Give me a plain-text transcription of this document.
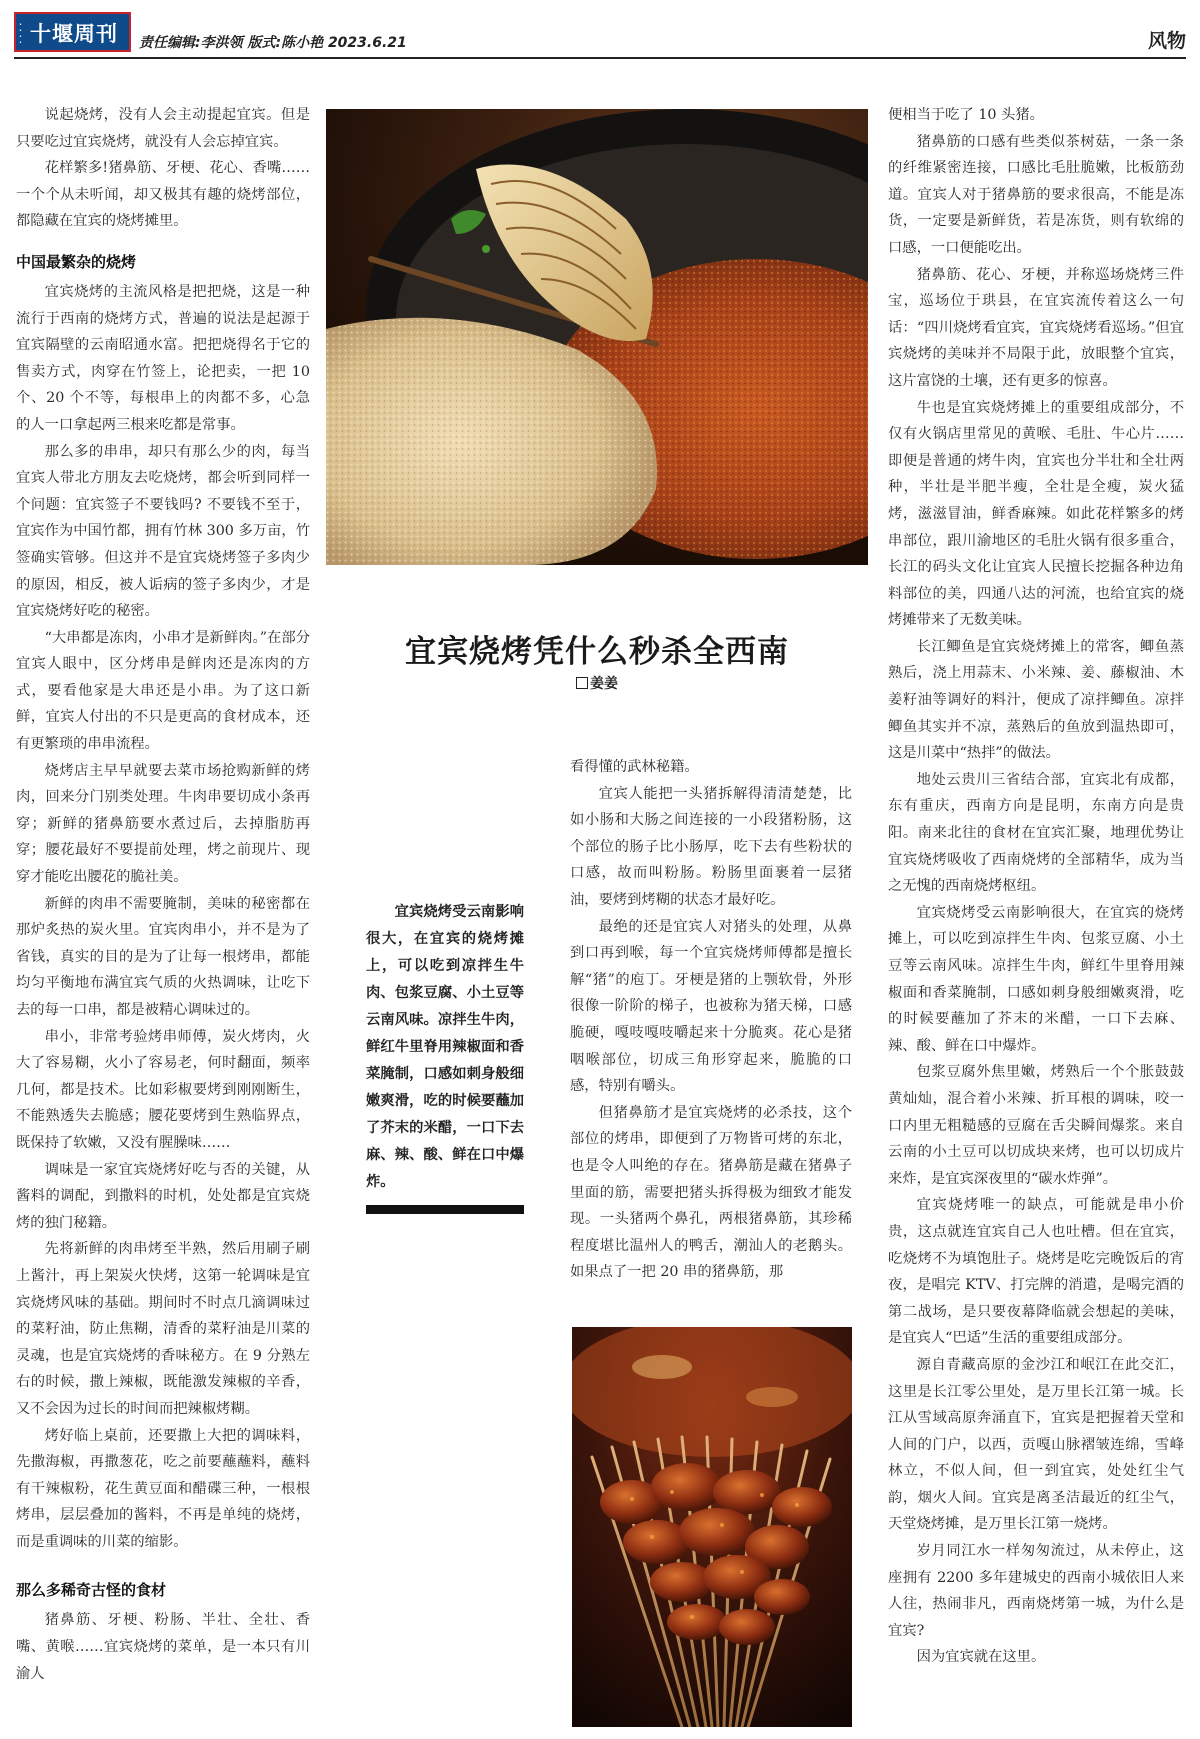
• • • • 十堰周刊 责任编辑:李洪领 版式:陈小艳 2023.6.21	风物

说起烧烤，没有人会主动提起宜宾。但是只要吃过宜宾烧烤，就没有人会忘掉宜宾。

花样繁多!猪鼻筋、牙梗、花心、香嘴……一个个从未听闻，却又极其有趣的烧烤部位，都隐藏在宜宾的烧烤摊里。

中国最繁杂的烧烤

宜宾烧烤的主流风格是把把烧，这是一种流行于西南的烧烤方式，普遍的说法是起源于宜宾隔壁的云南昭通水富。把把烧得名于它的售卖方式，肉穿在竹签上，论把卖，一把 10 个、20 个不等，每根串上的肉都不多，心急的人一口拿起两三根来吃都是常事。

那么多的串串，却只有那么少的肉，每当宜宾人带北方朋友去吃烧烤，都会听到同样一个问题：宜宾签子不要钱吗? 不要钱不至于，宜宾作为中国竹都，拥有竹林 300 多万亩，竹签确实管够。但这并不是宜宾烧烤签子多肉少的原因，相反，被人诟病的签子多肉少，才是宜宾烧烤好吃的秘密。

“大串都是冻肉，小串才是新鲜肉。”在部分宜宾人眼中，区分烤串是鲜肉还是冻肉的方式，要看他家是大串还是小串。为了这口新鲜，宜宾人付出的不只是更高的食材成本，还有更繁琐的串串流程。

烧烤店主早早就要去菜市场抢购新鲜的烤肉，回来分门别类处理。牛肉串要切成小条再穿；新鲜的猪鼻筋要水煮过后，去掉脂肪再穿；腰花最好不要提前处理，烤之前现片、现穿才能吃出腰花的脆社美。

新鲜的肉串不需要腌制，美味的秘密都在那炉炙热的炭火里。宜宾肉串小，并不是为了省钱，真实的目的是为了让每一根烤串，都能均匀平衡地布满宜宾气质的火热调味，让吃下去的每一口串，都是被精心调味过的。

串小，非常考验烤串师傅，炭火烤肉，火大了容易糊，火小了容易老，何时翻面，频率几何，都是技术。比如彩椒要烤到刚刚断生，不能熟透失去脆感；腰花要烤到生熟临界点，既保持了软嫩，又没有腥臊味……

调味是一家宜宾烧烤好吃与否的关键，从酱料的调配，到撒料的时机，处处都是宜宾烧烤的独门秘籍。

先将新鲜的肉串烤至半熟，然后用刷子刷上酱汁，再上架炭火快烤，这第一轮调味是宜宾烧烤风味的基础。期间时不时点几滴调味过的菜籽油，防止焦糊，清香的菜籽油是川菜的灵魂，也是宜宾烧烤的香味秘方。在 9 分熟左右的时候，撒上辣椒，既能激发辣椒的辛香，又不会因为过长的时间而把辣椒烤糊。

烤好临上桌前，还要撒上大把的调味料，先撒海椒，再撒葱花，吃之前要蘸蘸料，蘸料有干辣椒粉，花生黄豆面和醋碟三种，一根根烤串，层层叠加的酱料，不再是单纯的烧烤，而是重调味的川菜的缩影。

那么多稀奇古怪的食材

猪鼻筋、牙梗、粉肠、半壮、全壮、香嘴、黄喉……宜宾烧烤的菜单，是一本只有川渝人

宜宾烧烤凭什么秒杀全西南
姜姜

宜宾烧烤受云南影响很大，在宜宾的烧烤摊上，可以吃到凉拌生牛肉、包浆豆腐、小土豆等云南风味。凉拌生牛肉，鲜红牛里脊用辣椒面和香菜腌制，口感如刺身般细嫩爽滑，吃的时候要蘸加了芥末的米醋，一口下去麻、辣、酸、鲜在口中爆炸。

看得懂的武林秘籍。

宜宾人能把一头猪拆解得清清楚楚，比如小肠和大肠之间连接的一小段猪粉肠，这个部位的肠子比小肠厚，吃下去有些粉状的口感，故而叫粉肠。粉肠里面裹着一层猪油，要烤到烤糊的状态才最好吃。

最绝的还是宜宾人对猪头的处理，从鼻到口再到喉，每一个宜宾烧烤师傅都是擅长解“猪”的庖丁。牙梗是猪的上颚软骨，外形很像一阶阶的梯子，也被称为猪天梯，口感脆硬，嘎吱嘎吱嚼起来十分脆爽。花心是猪咽喉部位，切成三角形穿起来，脆脆的口感，特别有嚼头。

但猪鼻筋才是宜宾烧烤的必杀技，这个部位的烤串，即便到了万物皆可烤的东北，也是令人叫绝的存在。猪鼻筋是藏在猪鼻子里面的筋，需要把猪头拆得极为细致才能发现。一头猪两个鼻孔，两根猪鼻筋，其珍稀程度堪比温州人的鸭舌，潮汕人的老鹅头。如果点了一把 20 串的猪鼻筋，那

便相当于吃了 10 头猪。

猪鼻筋的口感有些类似茶树菇，一条一条的纤维紧密连接，口感比毛肚脆嫩，比板筋劲道。宜宾人对于猪鼻筋的要求很高，不能是冻货，一定要是新鲜货，若是冻货，则有软绵的口感，一口便能吃出。

猪鼻筋、花心、牙梗，并称巡场烧烤三件宝，巡场位于珙县，在宜宾流传着这么一句话：“四川烧烤看宜宾，宜宾烧烤看巡场。”但宜宾烧烤的美味并不局限于此，放眼整个宜宾，这片富饶的土壤，还有更多的惊喜。

牛也是宜宾烧烤摊上的重要组成部分，不仅有火锅店里常见的黄喉、毛肚、牛心片……即便是普通的烤牛肉，宜宾也分半壮和全壮两种，半壮是半肥半瘦，全壮是全瘦，炭火猛烤，滋滋冒油，鲜香麻辣。如此花样繁多的烤串部位，跟川渝地区的毛肚火锅有很多重合，长江的码头文化让宜宾人民擅长挖掘各种边角料部位的美，四通八达的河流，也给宜宾的烧烤摊带来了无数美味。

长江鲫鱼是宜宾烧烤摊上的常客，鲫鱼蒸熟后，浇上用蒜末、小米辣、姜、藤椒油、木姜籽油等调好的料汁，便成了凉拌鲫鱼。凉拌鲫鱼其实并不凉，蒸熟后的鱼放到温热即可，这是川菜中“热拌”的做法。

地处云贵川三省结合部，宜宾北有成都，东有重庆，西南方向是昆明，东南方向是贵阳。南来北往的食材在宜宾汇聚，地理优势让宜宾烧烤吸收了西南烧烤的全部精华，成为当之无愧的西南烧烤枢纽。

宜宾烧烤受云南影响很大，在宜宾的烧烤摊上，可以吃到凉拌生牛肉、包浆豆腐、小土豆等云南风味。凉拌生牛肉，鲜红牛里脊用辣椒面和香菜腌制，口感如刺身般细嫩爽滑，吃的时候要蘸加了芥末的米醋，一口下去麻、辣、酸、鲜在口中爆炸。

包浆豆腐外焦里嫩，烤熟后一个个胀鼓鼓黄灿灿，混合着小米辣、折耳根的调味，咬一口内里无粗糙感的豆腐在舌尖瞬间爆浆。来自云南的小土豆可以切成块来烤，也可以切成片来炸，是宜宾深夜里的“碳水炸弹”。

宜宾烧烤唯一的缺点，可能就是串小价贵，这点就连宜宾自己人也吐槽。但在宜宾，吃烧烤不为填饱肚子。烧烤是吃完晚饭后的宵夜，是唱完 KTV、打完牌的消遣，是喝完酒的第二战场，是只要夜幕降临就会想起的美味，是宜宾人“巴适”生活的重要组成部分。

源自青藏高原的金沙江和岷江在此交汇，这里是长江零公里处，是万里长江第一城。长江从雪域高原奔涌直下，宜宾是把握着天堂和人间的门户，以西，贡嘎山脉褶皱连绵，雪峰林立，不似人间，但一到宜宾，处处红尘气韵，烟火人间。宜宾是离圣洁最近的红尘气，天堂烧烤摊，是万里长江第一烧烤。

岁月同江水一样匆匆流过，从未停止，这座拥有 2200 多年建城史的西南小城依旧人来人往，热闹非凡，西南烧烤第一城，为什么是宜宾?

因为宜宾就在这里。
